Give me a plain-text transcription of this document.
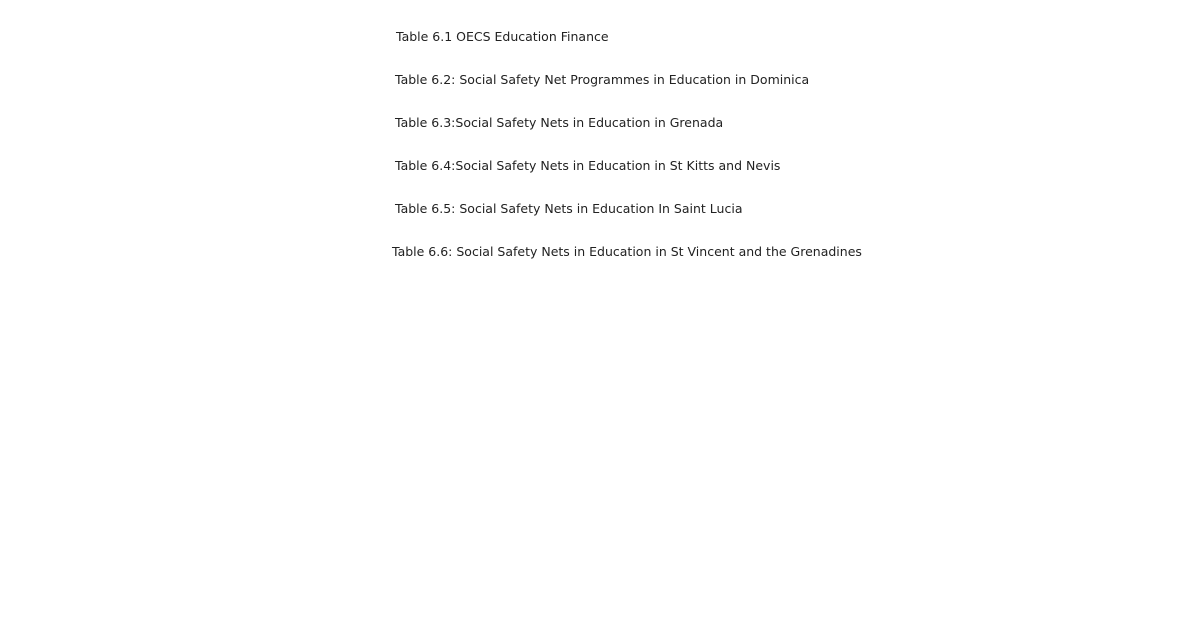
Table 6.1 OECS Education Finance
Table 6.2: Social Safety Net Programmes in Education in Dominica
Table 6.3:Social Safety Nets in Education in Grenada
Table 6.4:Social Safety Nets in Education in St Kitts and Nevis
Table 6.5: Social Safety Nets in Education In Saint Lucia
Table 6.6: Social Safety Nets in Education in St Vincent and the Grenadines
